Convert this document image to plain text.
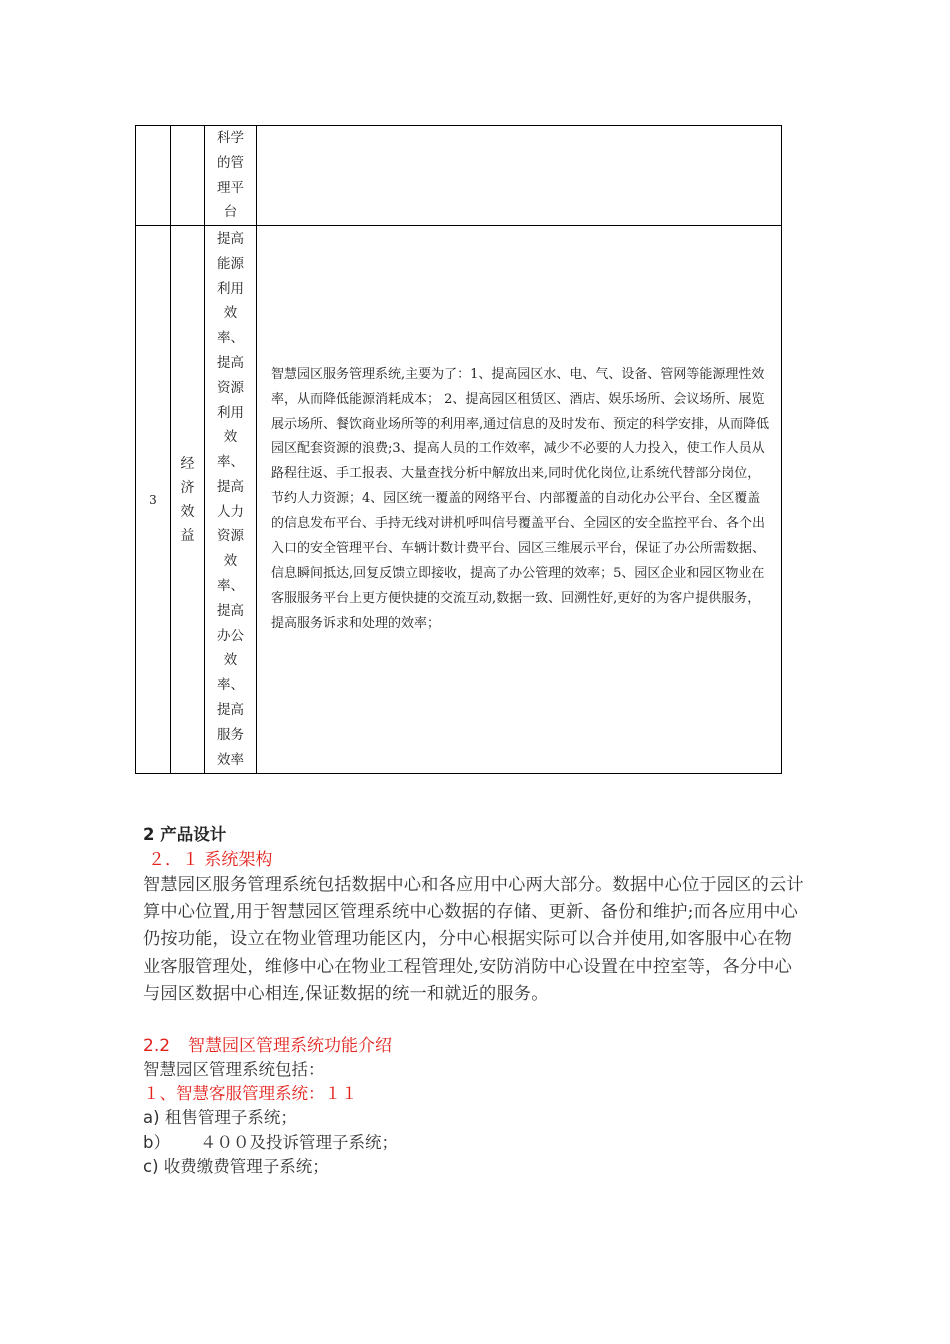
		科学的管理平台	

3	经济效益	提高能源利用效率、提高资源利用效率、提高人力资源效率、提高办公效率、提高服务效率	智慧园区服务管理系统,主要为了：1、提高园区水、电、气、设备、管网等能源理性效率，从而降低能源消耗成本； 2、提高园区租赁区、酒店、娱乐场所、会议场所、展览展示场所、餐饮商业场所等的利用率,通过信息的及时发布、预定的科学安排，从而降低园区配套资源的浪费;3、提高人员的工作效率，减少不必要的人力投入，使工作人员从路程往返、手工报表、大量查找分析中解放出来,同时优化岗位,让系统代替部分岗位，节约人力资源；4、园区统一覆盖的网络平台、内部覆盖的自动化办公平台、全区覆盖的信息发布平台、手持无线对讲机呼叫信号覆盖平台、全园区的安全监控平台、各个出入口的安全管理平台、车辆计数计费平台、园区三维展示平台，保证了办公所需数据、信息瞬间抵达,回复反馈立即接收，提高了办公管理的效率；5、园区企业和园区物业在客服服务平台上更方便快捷的交流互动,数据一致、回溯性好,更好的为客户提供服务，提高服务诉求和处理的效率；

2 产品设计

２．１ 系统架构

智慧园区服务管理系统包括数据中心和各应用中心两大部分。数据中心位于园区的云计算中心位置,用于智慧园区管理系统中心数据的存储、更新、备份和维护;而各应用中心仍按功能，设立在物业管理功能区内，分中心根据实际可以合并使用,如客服中心在物业客服管理处，维修中心在物业工程管理处,安防消防中心设置在中控室等，各分中心与园区数据中心相连,保证数据的统一和就近的服务。

2.2 智慧园区管理系统功能介绍

智慧园区管理系统包括：

１、智慧客服管理系统：１１

a) 租售管理子系统；

b） ４００及投诉管理子系统；

c) 收费缴费管理子系统；
